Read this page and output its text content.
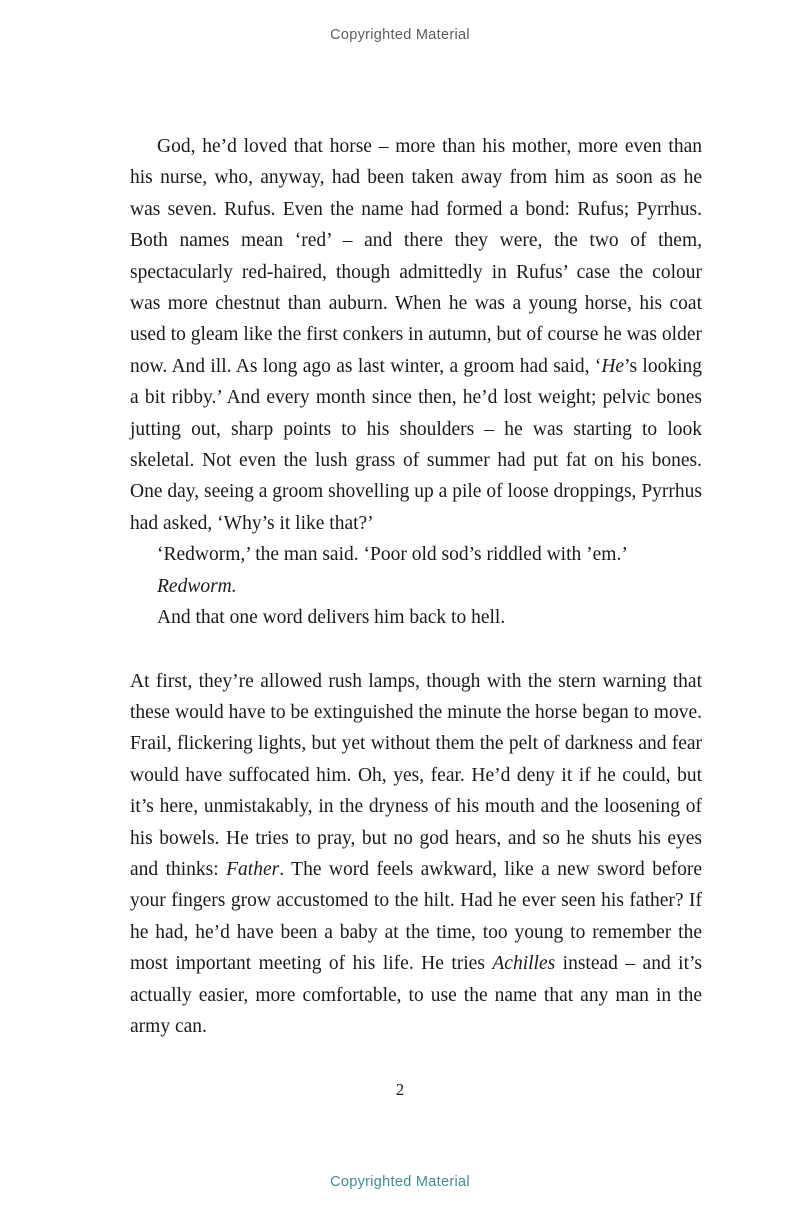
Copyrighted Material

God, he’d loved that horse – more than his mother, more even than his nurse, who, anyway, had been taken away from him as soon as he was seven. Rufus. Even the name had formed a bond: Rufus; Pyrrhus. Both names mean ‘red’ – and there they were, the two of them, spectacularly red-haired, though admittedly in Rufus’ case the colour was more chestnut than auburn. When he was a young horse, his coat used to gleam like the first conkers in autumn, but of course he was older now. And ill. As long ago as last winter, a groom had said, ‘He’s looking a bit ribby.’ And every month since then, he’d lost weight; pelvic bones jutting out, sharp points to his shoulders – he was starting to look skeletal. Not even the lush grass of summer had put fat on his bones. One day, seeing a groom shovelling up a pile of loose droppings, Pyrrhus had asked, ‘Why’s it like that?’

‘Redworm,’ the man said. ‘Poor old sod’s riddled with ’em.’

Redworm.

And that one word delivers him back to hell.

At first, they’re allowed rush lamps, though with the stern warning that these would have to be extinguished the minute the horse began to move. Frail, flickering lights, but yet without them the pelt of darkness and fear would have suffocated him. Oh, yes, fear. He’d deny it if he could, but it’s here, unmistakably, in the dryness of his mouth and the loosening of his bowels. He tries to pray, but no god hears, and so he shuts his eyes and thinks: Father. The word feels awkward, like a new sword before your fingers grow accustomed to the hilt. Had he ever seen his father? If he had, he’d have been a baby at the time, too young to remember the most important meeting of his life. He tries Achilles instead – and it’s actually easier, more comfortable, to use the name that any man in the army can.

2
Copyrighted Material
